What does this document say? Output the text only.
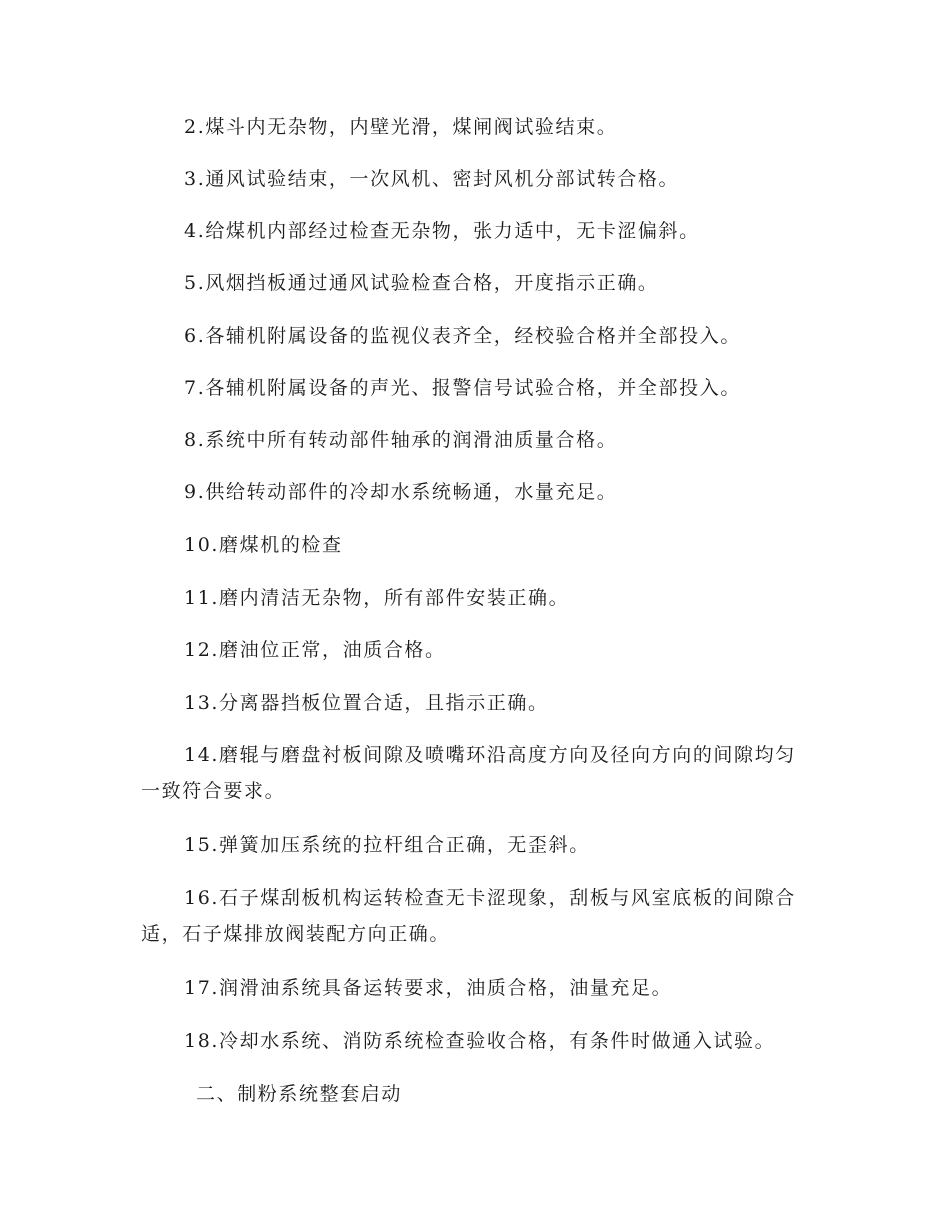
2.煤斗内无杂物，内壁光滑，煤闸阀试验结束。

3.通风试验结束，一次风机、密封风机分部试转合格。

4.给煤机内部经过检查无杂物，张力适中，无卡涩偏斜。

5.风烟挡板通过通风试验检查合格，开度指示正确。

6.各辅机附属设备的监视仪表齐全，经校验合格并全部投入。

7.各辅机附属设备的声光、报警信号试验合格，并全部投入。

8.系统中所有转动部件轴承的润滑油质量合格。

9.供给转动部件的冷却水系统畅通，水量充足。

10.磨煤机的检查

11.磨内清洁无杂物，所有部件安装正确。

12.磨油位正常，油质合格。

13.分离器挡板位置合适，且指示正确。

14.磨辊与磨盘衬板间隙及喷嘴环沿高度方向及径向方向的间隙均匀一致符合要求。

15.弹簧加压系统的拉杆组合正确，无歪斜。

16.石子煤刮板机构运转检查无卡涩现象，刮板与风室底板的间隙合适，石子煤排放阀装配方向正确。

17.润滑油系统具备运转要求，油质合格，油量充足。

18.冷却水系统、消防系统检查验收合格，有条件时做通入试验。

二、制粉系统整套启动
